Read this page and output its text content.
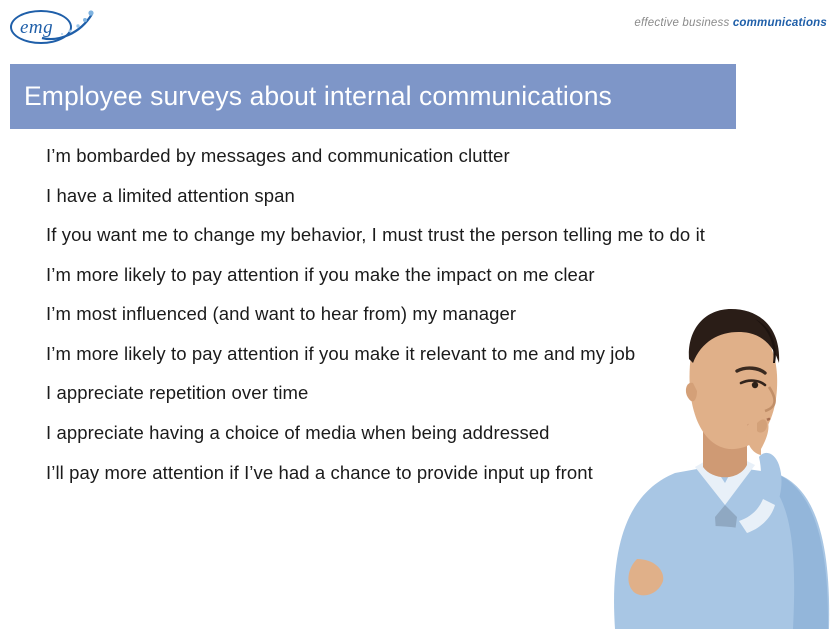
emg	effective business communications
Employee surveys about internal communications
I’m bombarded by messages and communication clutter
I have a limited attention span
If you want me to change my behavior, I must trust the person telling me to do it
I’m more likely to pay attention if you make the impact on me clear
I’m most influenced (and want to hear from) my manager
I’m more likely to pay attention if you make it relevant to me and my job
I appreciate repetition over time
I appreciate having a choice of media when being addressed
I’ll pay more attention if I’ve had a chance to provide input up front
